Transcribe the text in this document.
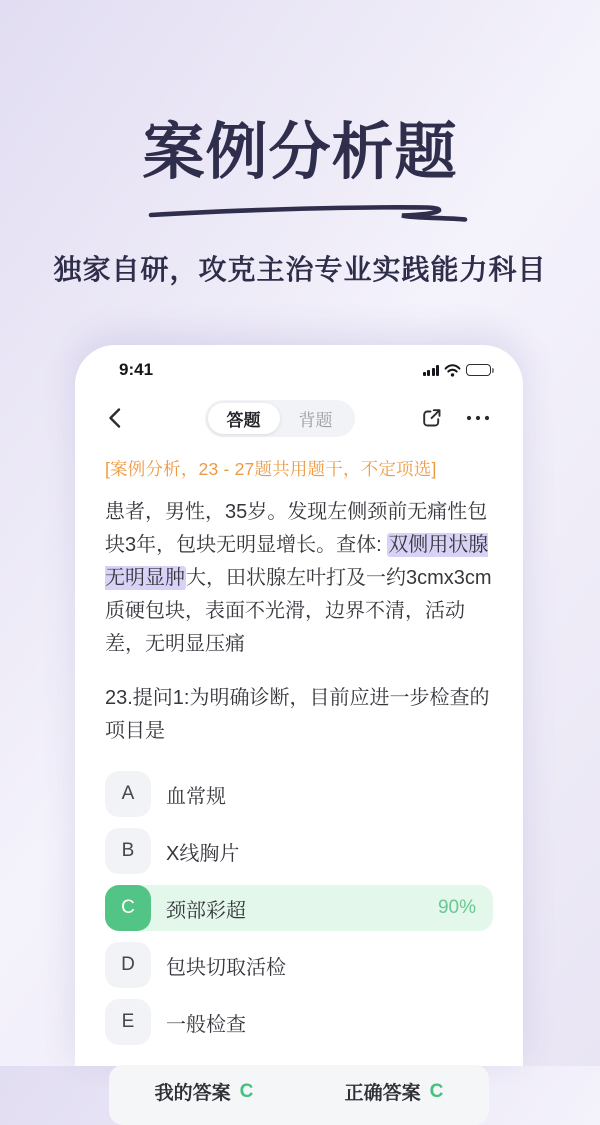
案例分析题
独家自研，攻克主治专业实践能力科目
9:41
答题	背题
[案例分析，23 - 27题共用题干，不定项选]

患者，男性，35岁。发现左侧颈前无痛性包块3年，包块无明显增长。查体: 双侧用状腺无明显肿大，田状腺左叶打及一约3cmx3cm质硬包块，表面不光滑，边界不清，活动差，无明显压痛

23.提问1:为明确诊断，目前应进一步检查的项目是

A	血常规
B	X线胸片
C	颈部彩超	90%
D	包块切取活检
E	一般检查
我的答案 C	正确答案 C
